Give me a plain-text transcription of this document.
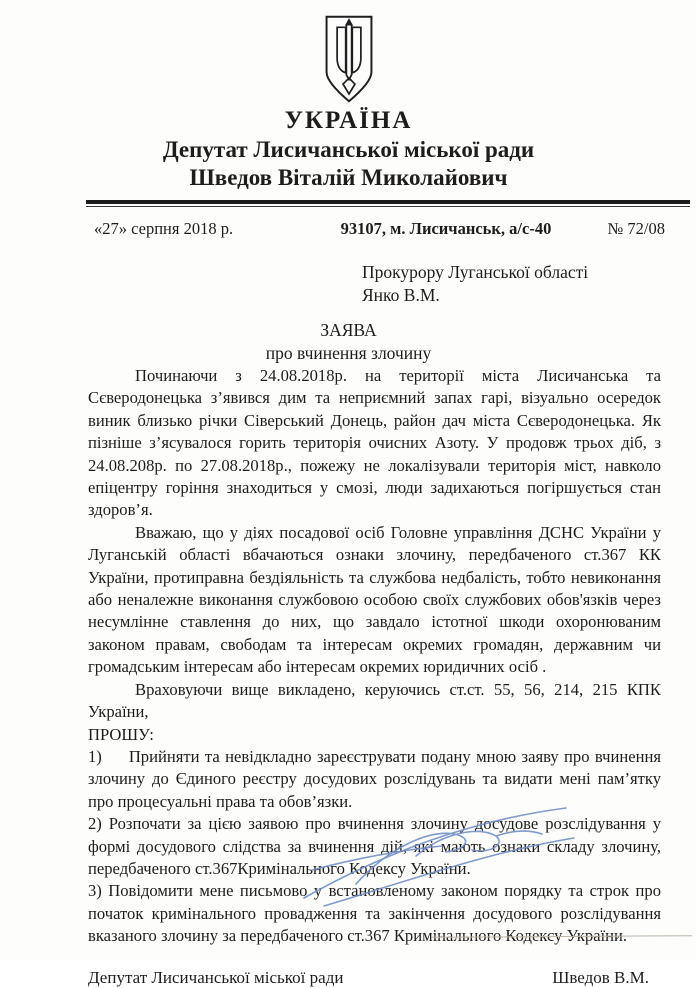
УКРАЇНА
Депутат Лисичанської міської ради
Шведов Віталій Миколайович
«27» серпня 2018 р.	93107, м. Лисичанськ, а/с-40	№ 72/08
Прокурору Луганської області
Янко В.М.
ЗАЯВА
про вчинення злочину

Починаючи з 24.08.2018р. на території міста Лисичанська та Сєверодонецька з’явився дим та неприємний запах гарі, візуально осередок виник близько річки Сіверський Донець, район дач міста Сєверодонецька. Як пізніше з’ясувалося горить територія очисних Азоту. У продовж трьох діб, з 24.08.208р. по 27.08.2018р., пожежу не локалізували територія міст, навколо епіцентру горіння знаходиться у смозі, люди задихаються погіршується стан здоров’я.

Вважаю, що у діях посадової осіб Головне управління ДСНС України у Луганській області вбачаються ознаки злочину, передбаченого ст.367 КК України, протиправна бездіяльність та службова недбалість, тобто невиконання або неналежне виконання службовою особою своїх службових обов'язків через несумлінне ставлення до них, що завдало істотної шкоди охоронюваним законом правам, свободам та інтересам окремих громадян, державним чи громадським інтересам або інтересам окремих юридичних осіб .

Враховуючи вище викладено, керуючись ст.ст. 55, 56, 214, 215 КПК України,

ПРОШУ:

1)     Прийняти та невідкладно зареєструвати подану мною заяву про вчинення злочину до Єдиного реєстру досудових розслідувань та видати мені пам’ятку про процесуальні права та обов’язки.

2) Розпочати за цією заявою про вчинення злочину досудове розслідування у формі досудового слідства за вчинення дій, які мають ознаки складу злочину, передбаченого ст.367Кримінального Кодексу України.

3) Повідомити мене письмово у встановленому законом порядку та строк про початок кримінального провадження та закінчення досудового розслідування вказаного злочину за передбаченого ст.367 Кримінального Кодексу України.

Депутат Лисичанської міської ради	Шведов В.М.
